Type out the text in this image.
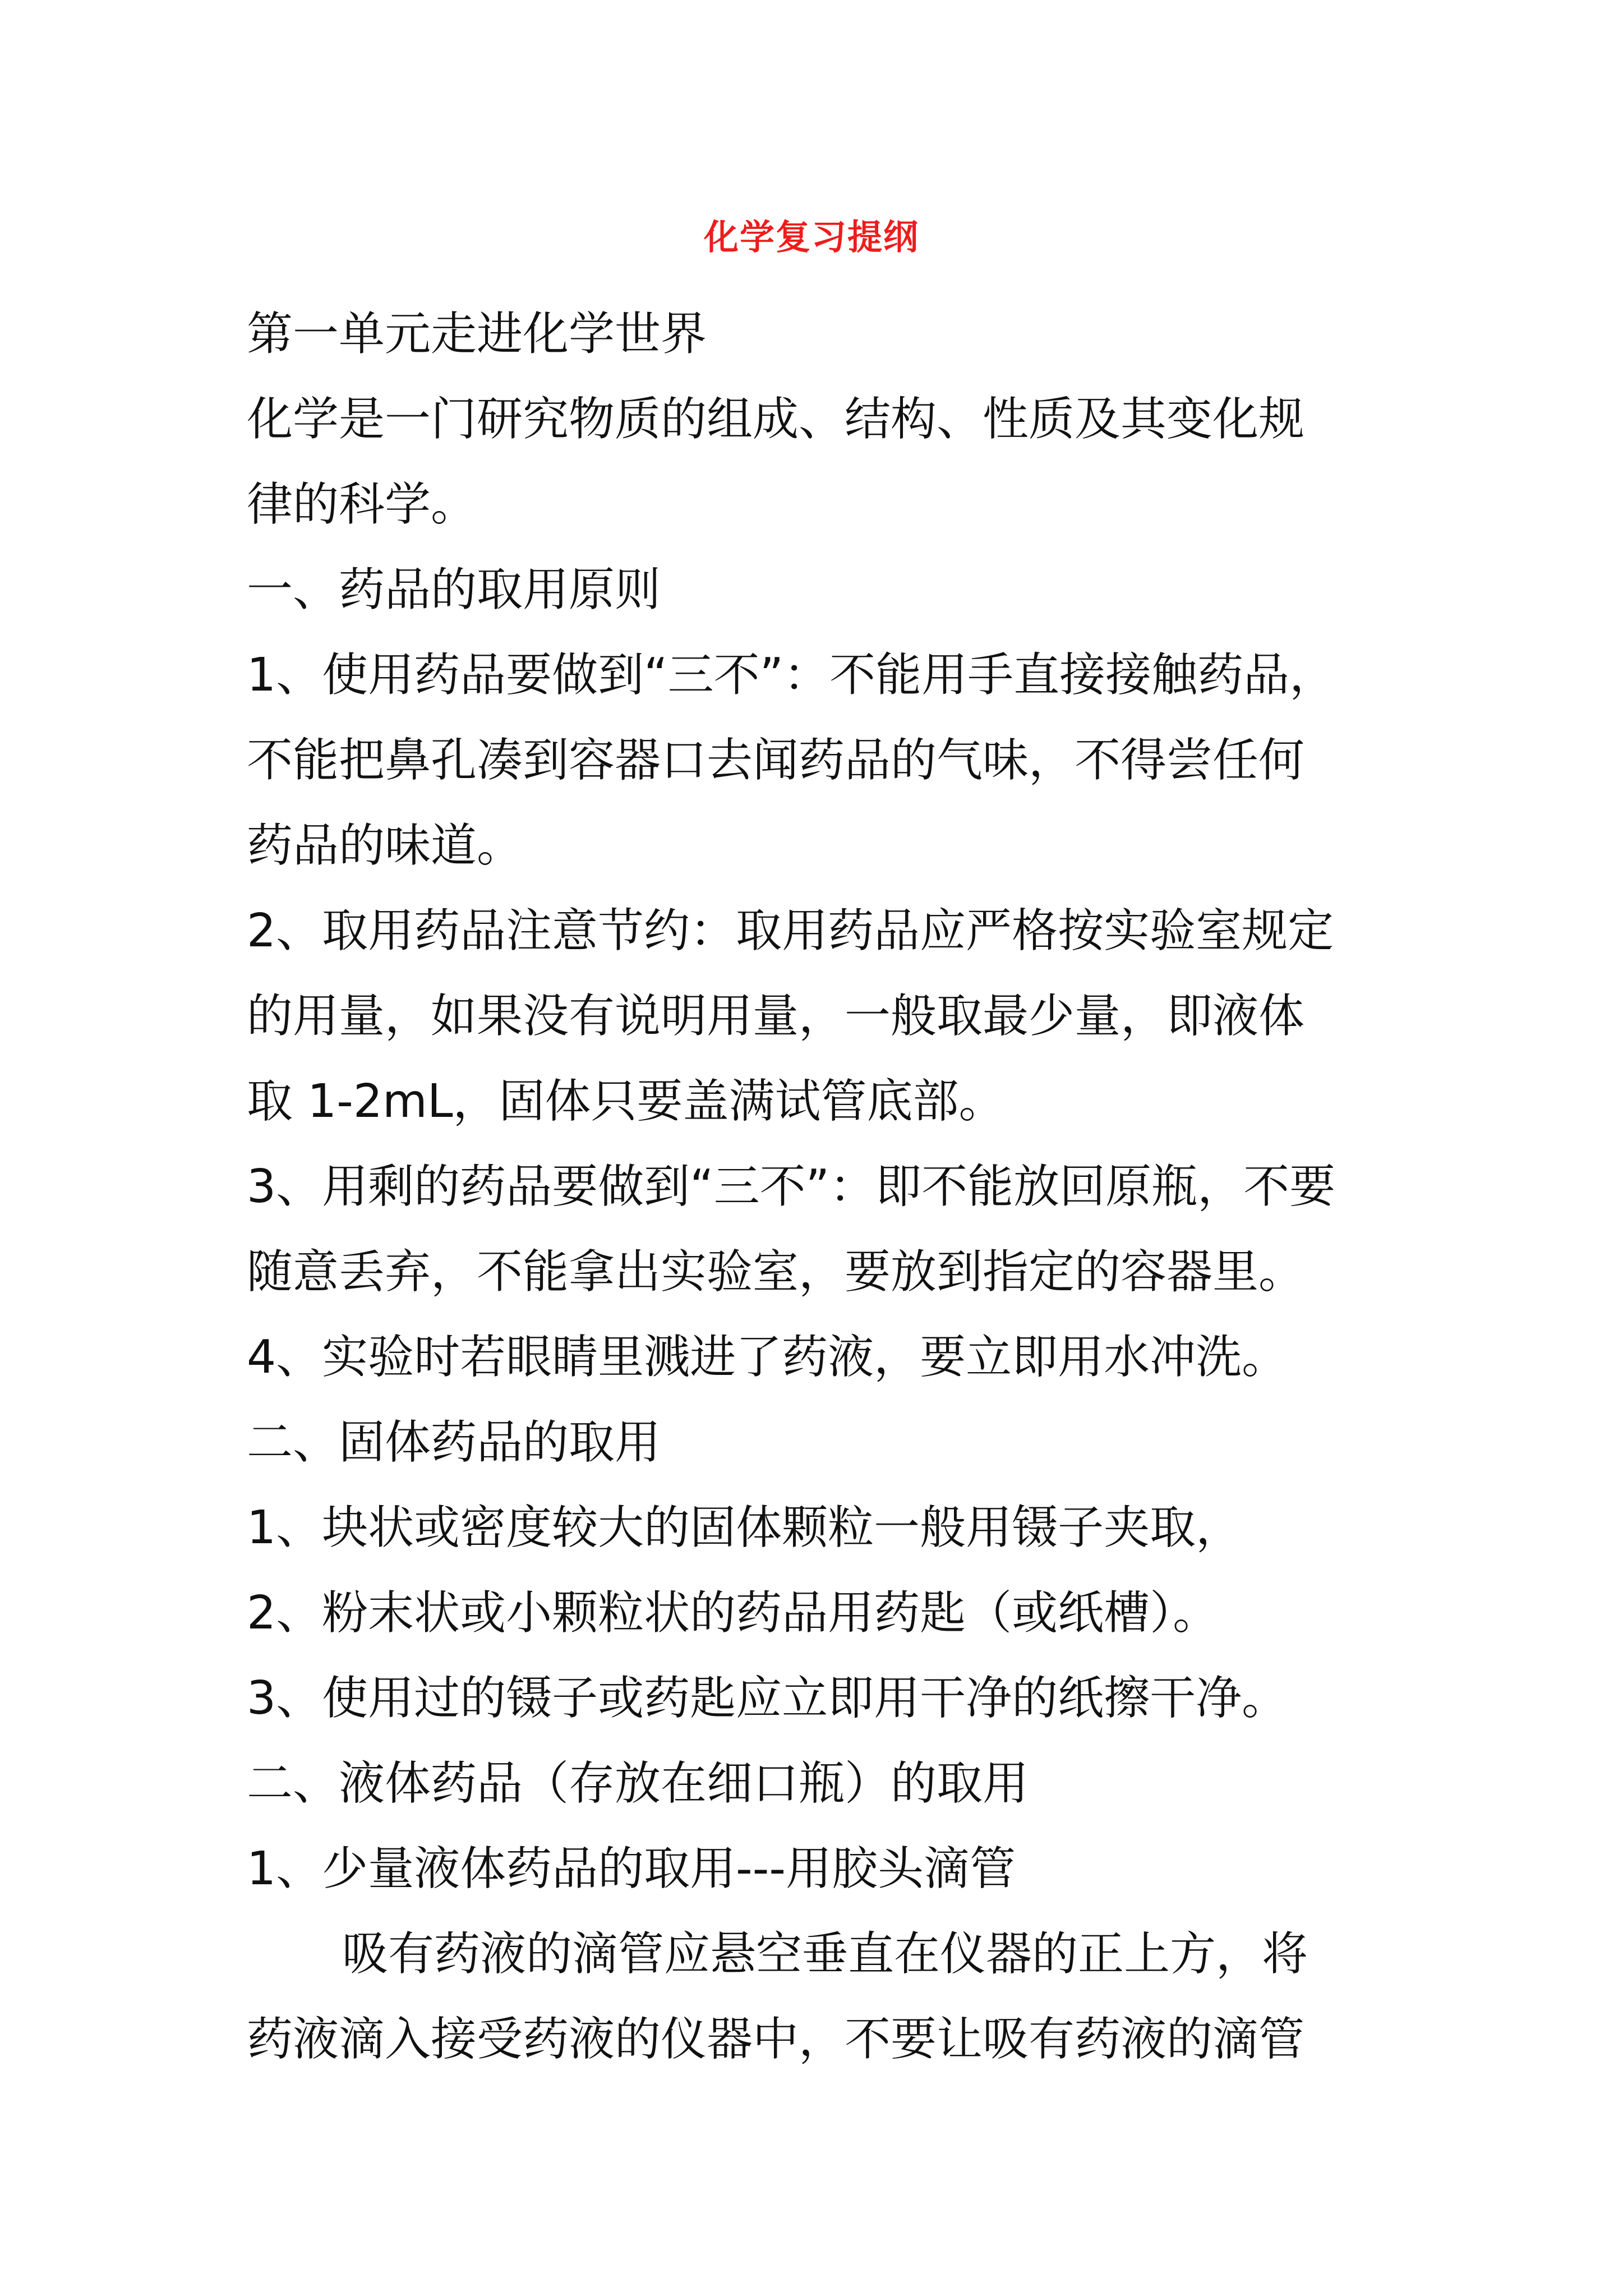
化学复习提纲
第一单元走进化学世界
化学是一门研究物质的组成、结构、性质及其变化规
律的科学。
一、药品的取用原则
1、使用药品要做到“三不”：不能用手直接接触药品，
不能把鼻孔凑到容器口去闻药品的气味，不得尝任何
药品的味道。
2、取用药品注意节约：取用药品应严格按实验室规定
的用量，如果没有说明用量，一般取最少量，即液体
取 1-2mL，固体只要盖满试管底部。
3、用剩的药品要做到“三不”：即不能放回原瓶，不要
随意丢弃，不能拿出实验室，要放到指定的容器里。
4、实验时若眼睛里溅进了药液，要立即用水冲洗。
二、固体药品的取用
1、块状或密度较大的固体颗粒一般用镊子夹取，
2、粉末状或小颗粒状的药品用药匙（或纸槽）。
3、使用过的镊子或药匙应立即用干净的纸擦干净。
二、液体药品（存放在细口瓶）的取用
1、少量液体药品的取用---用胶头滴管
吸有药液的滴管应悬空垂直在仪器的正上方，将
药液滴入接受药液的仪器中，不要让吸有药液的滴管
